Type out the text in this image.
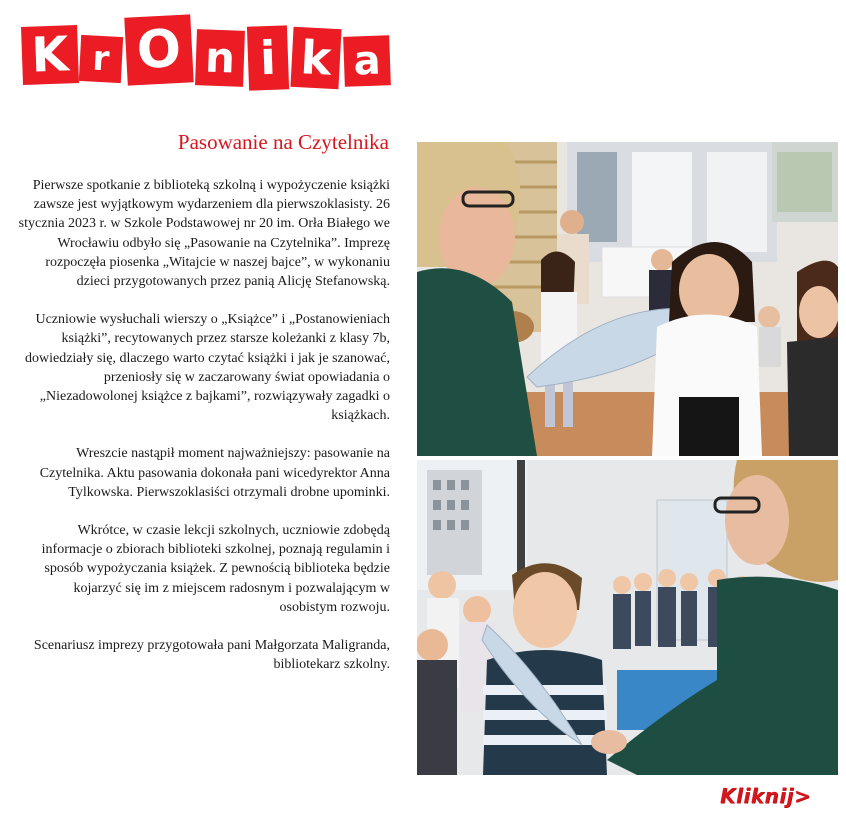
K r O n i k a
Pasowanie na Czytelnika

Pierwsze spotkanie z biblioteką szkolną i wypożyczenie książki zawsze jest wyjątkowym wydarzeniem dla pierwszoklasisty. 26 stycznia 2023 r. w Szkole Podstawowej nr 20 im. Orła Białego we Wrocławiu odbyło się „Pasowanie na Czytelnika”. Imprezę rozpoczęła piosenka „Witajcie w naszej bajce”, w wykonaniu dzieci przygotowanych przez panią Alicję Stefanowską.

Uczniowie wysłuchali wierszy o „Książce” i „Postanowieniach książki”, recytowanych przez starsze koleżanki z klasy 7b, dowiedziały się, dlaczego warto czytać książki i jak je szanować, przeniosły się w zaczarowany świat opowiadania o „Niezadowolonej książce z bajkami”, rozwiązywały zagadki o książkach.

Wreszcie nastąpił moment najważniejszy: pasowanie na Czytelnika. Aktu pasowania dokonała pani wicedyrektor Anna Tylkowska. Pierwszoklasiści otrzymali drobne upominki.

Wkrótce, w czasie lekcji szkolnych, uczniowie zdobędą informacje o zbiorach biblioteki szkolnej, poznają regulamin i sposób wypożyczania książek. Z pewnością biblioteka będzie kojarzyć się im z miejscem radosnym i pozwalającym w osobistym rozwoju.

Scenariusz imprezy przygotowała pani Małgorzata Maligranda, bibliotekarz szkolny.

Kliknij>
